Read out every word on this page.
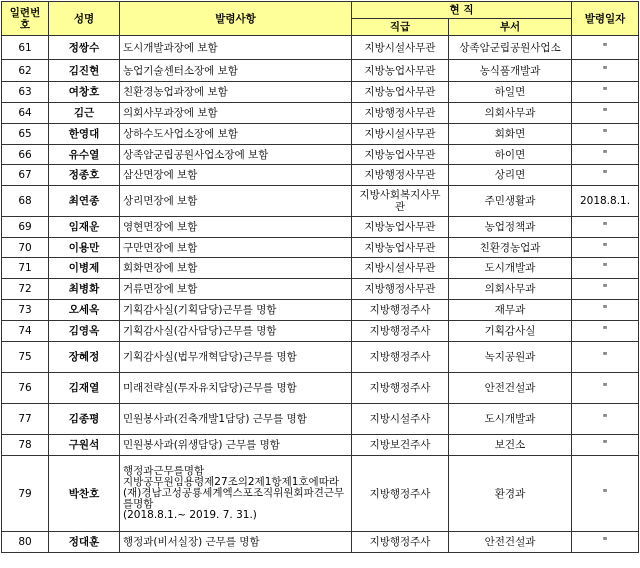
일련번호	성명	발령사항	현 직		발령일자
			직급	부서	
61	정쌍수	도시개발과장에 보함	지방시설사무관	상족암군립공원사업소	"
62	김진현	농업기술센터소장에 보함	지방농업사무관	농식품개발과	"
63	여창호	친환경농업과장에 보함	지방농업사무관	하일면	"
64	김근	의회사무과장에 보함	지방행정사무관	의회사무과	"
65	한영대	상하수도사업소장에 보함	지방시설사무관	회화면	"
66	유수열	상족암군립공원사업소장에 보함	지방농업사무관	하이면	"
67	정종호	삼산면장에 보함	지방행정사무관	상리면	"
68	최연종	상리면장에 보함	지방사회복지사무관	주민생활과	2018.8.1.
69	임재운	영현면장에 보함	지방농업사무관	농업정책과	"
70	이용만	구만면장에 보함	지방농업사무관	친환경농업과	"
71	이병제	회화면장에 보함	지방시설사무관	도시개발과	"
72	최병화	거류면장에 보함	지방행정사무관	의회사무과	"
73	오세옥	기획감사실(기획담당)근무를 명함	지방행정주사	재무과	"
74	김영옥	기획감사실(감사담당)근무를 명함	지방행정주사	기획감사실	"
75	장혜정	기획감사실(법무개혁담당)근무를 명함	지방행정주사	녹지공원과	"
76	김재열	미래전략실(투자유치담당)근무를 명함	지방행정주사	안전건설과	"
77	김종평	민원봉사과(건축개발1담당) 근무를 명함	지방시설주사	도시개발과	"
78	구원석	민원봉사과(위생담당) 근무를 명함	지방보건주사	보건소	"
79	박찬호	행정과근무를명함
지방공무원임용령제27조의2제1항제1호에따라(재)경남고성공룡세계엑스포조직위원회파견근무를명함
(2018.8.1.~ 2019. 7. 31.)	지방행정주사	환경과	"
80	정대훈	행정과(비서실장) 근무를 명함	지방행정주사	안전건설과	"
